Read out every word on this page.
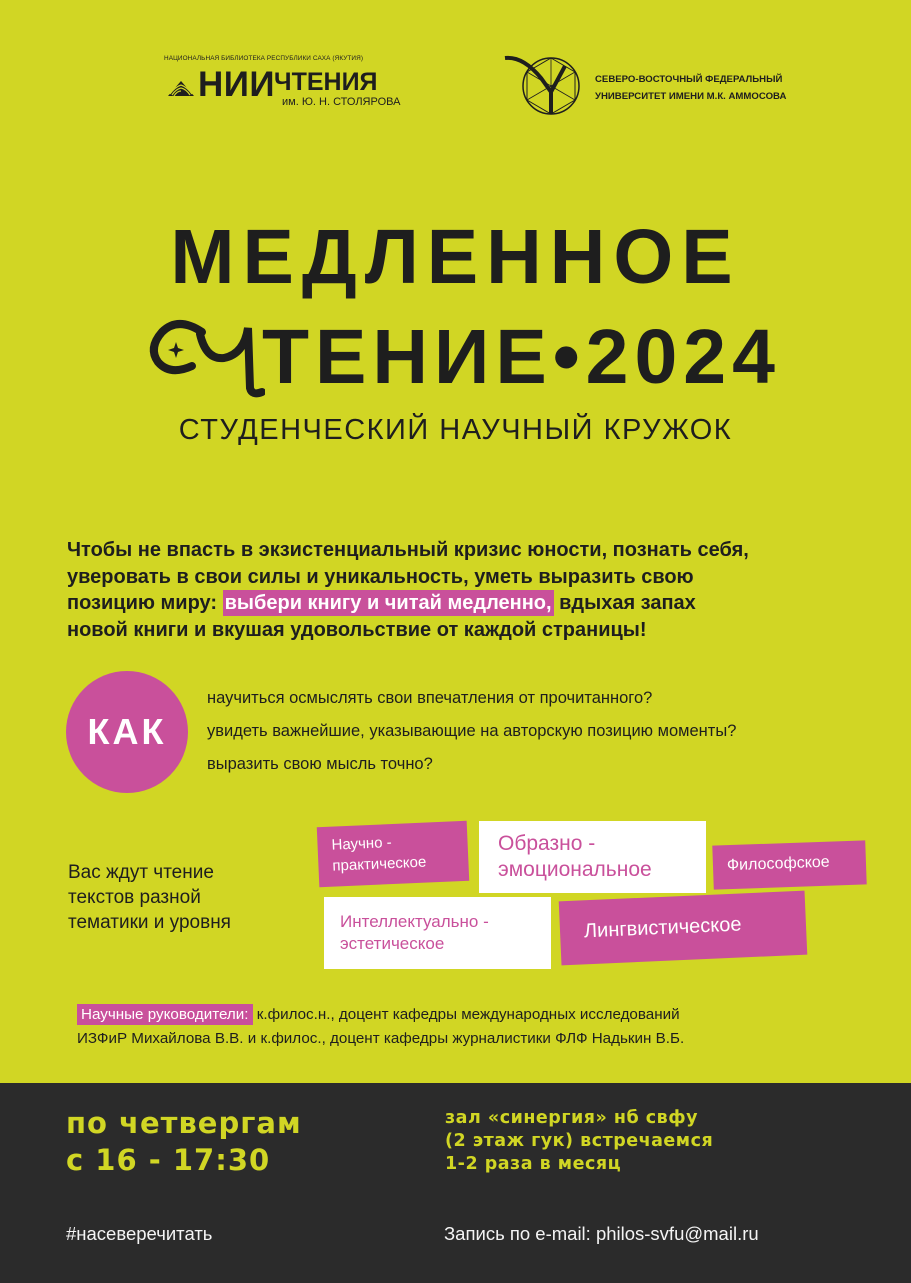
НАЦИОНАЛЬНАЯ БИБЛИОТЕКА РЕСПУБЛИКИ САХА (ЯКУТИЯ)
НИИ
ЧТЕНИЯ
им. Ю. Н. СТОЛЯРОВА
СЕВЕРО-ВОСТОЧНЫЙ ФЕДЕРАЛЬНЫЙ
УНИВЕРСИТЕТ ИМЕНИ М.К. АММОСОВА
МЕДЛЕННОЕ
ТЕНИЕ•2024
СТУДЕНЧЕСКИЙ НАУЧНЫЙ КРУЖОК
Чтобы не впасть в экзистенциальный кризис юности, познать себя,
уверовать в свои силы и уникальность, уметь выразить свою
позицию миру: выбери книгу и читай медленно, вдыхая запах
новой книги и вкушая удовольствие от каждой страницы!
КАК
научиться осмыслять свои впечатления от прочитанного?
увидеть важнейшие, указывающие на авторскую позицию моменты?
выразить свою мысль точно?
Вас ждут чтение
текстов разной
тематики и уровня
Научно -
практическое
Образно -
эмоциональное	Философское
Интеллектуально -
эстетическое
Лингвистическое
Научные руководители: к.филос.н., доцент кафедры международных исследований
ИЗФиР Михайлова В.В. и к.филос., доцент кафедры журналистики ФЛФ Надькин В.Б.
по четвергам
с 16 - 17:30
зал «синергия» нб свфу
(2 этаж гук) встречаемся
1-2 раза в месяц
#насеверечитать	Запись по e-mail: philos-svfu@mail.ru
